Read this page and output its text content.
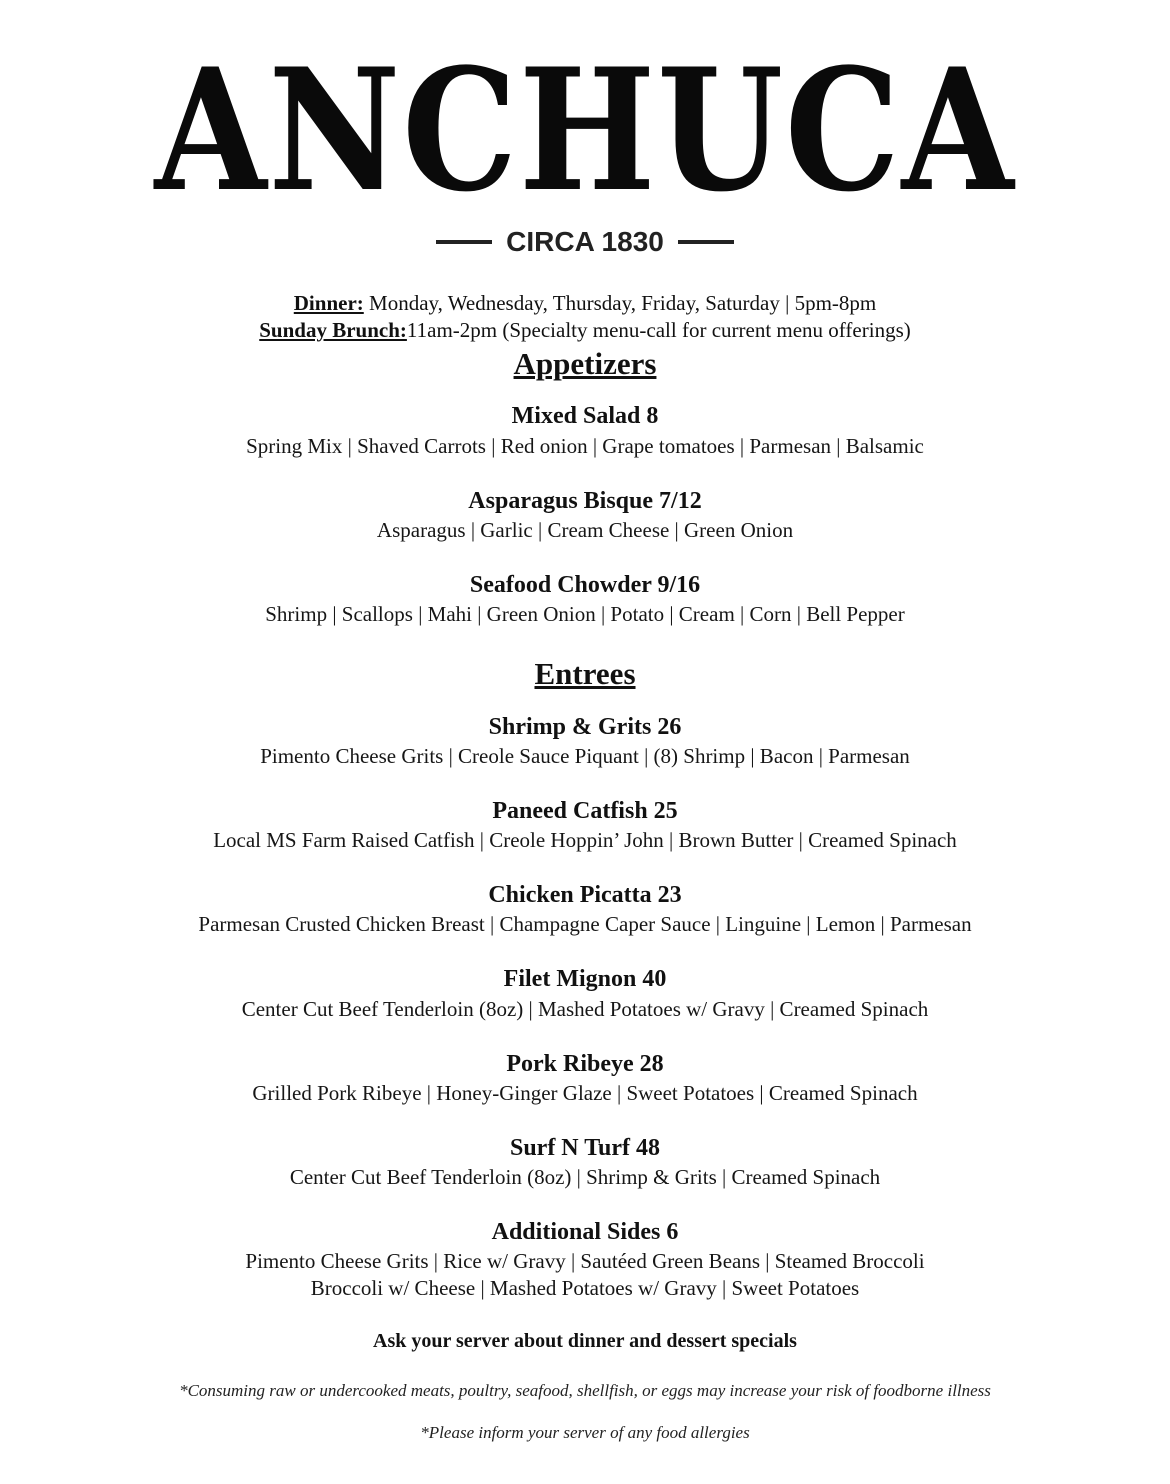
ANCHUCA
CIRCA 1830
Dinner: Monday, Wednesday, Thursday, Friday, Saturday | 5pm-8pm
Sunday Brunch:11am-2pm (Specialty menu-call for current menu offerings)
Appetizers
Mixed Salad 8
Spring Mix | Shaved Carrots | Red onion | Grape tomatoes | Parmesan | Balsamic
Asparagus Bisque 7/12
Asparagus | Garlic | Cream Cheese | Green Onion
Seafood Chowder 9/16
Shrimp | Scallops | Mahi | Green Onion | Potato | Cream | Corn | Bell Pepper
Entrees
Shrimp & Grits 26
Pimento Cheese Grits | Creole Sauce Piquant | (8) Shrimp | Bacon | Parmesan
Paneed Catfish 25
Local MS Farm Raised Catfish | Creole Hoppin’ John | Brown Butter | Creamed Spinach
Chicken Picatta 23
Parmesan Crusted Chicken Breast | Champagne Caper Sauce | Linguine | Lemon | Parmesan
Filet Mignon 40
Center Cut Beef Tenderloin (8oz) | Mashed Potatoes w/ Gravy | Creamed Spinach
Pork Ribeye 28
Grilled Pork Ribeye | Honey-Ginger Glaze | Sweet Potatoes | Creamed Spinach
Surf N Turf 48
Center Cut Beef Tenderloin (8oz) | Shrimp & Grits | Creamed Spinach
Additional Sides 6
Pimento Cheese Grits | Rice w/ Gravy | Sautéed Green Beans | Steamed Broccoli
Broccoli w/ Cheese | Mashed Potatoes w/ Gravy | Sweet Potatoes
Ask your server about dinner and dessert specials
*Consuming raw or undercooked meats, poultry, seafood, shellfish, or eggs may increase your risk of foodborne illness
*Please inform your server of any food allergies
